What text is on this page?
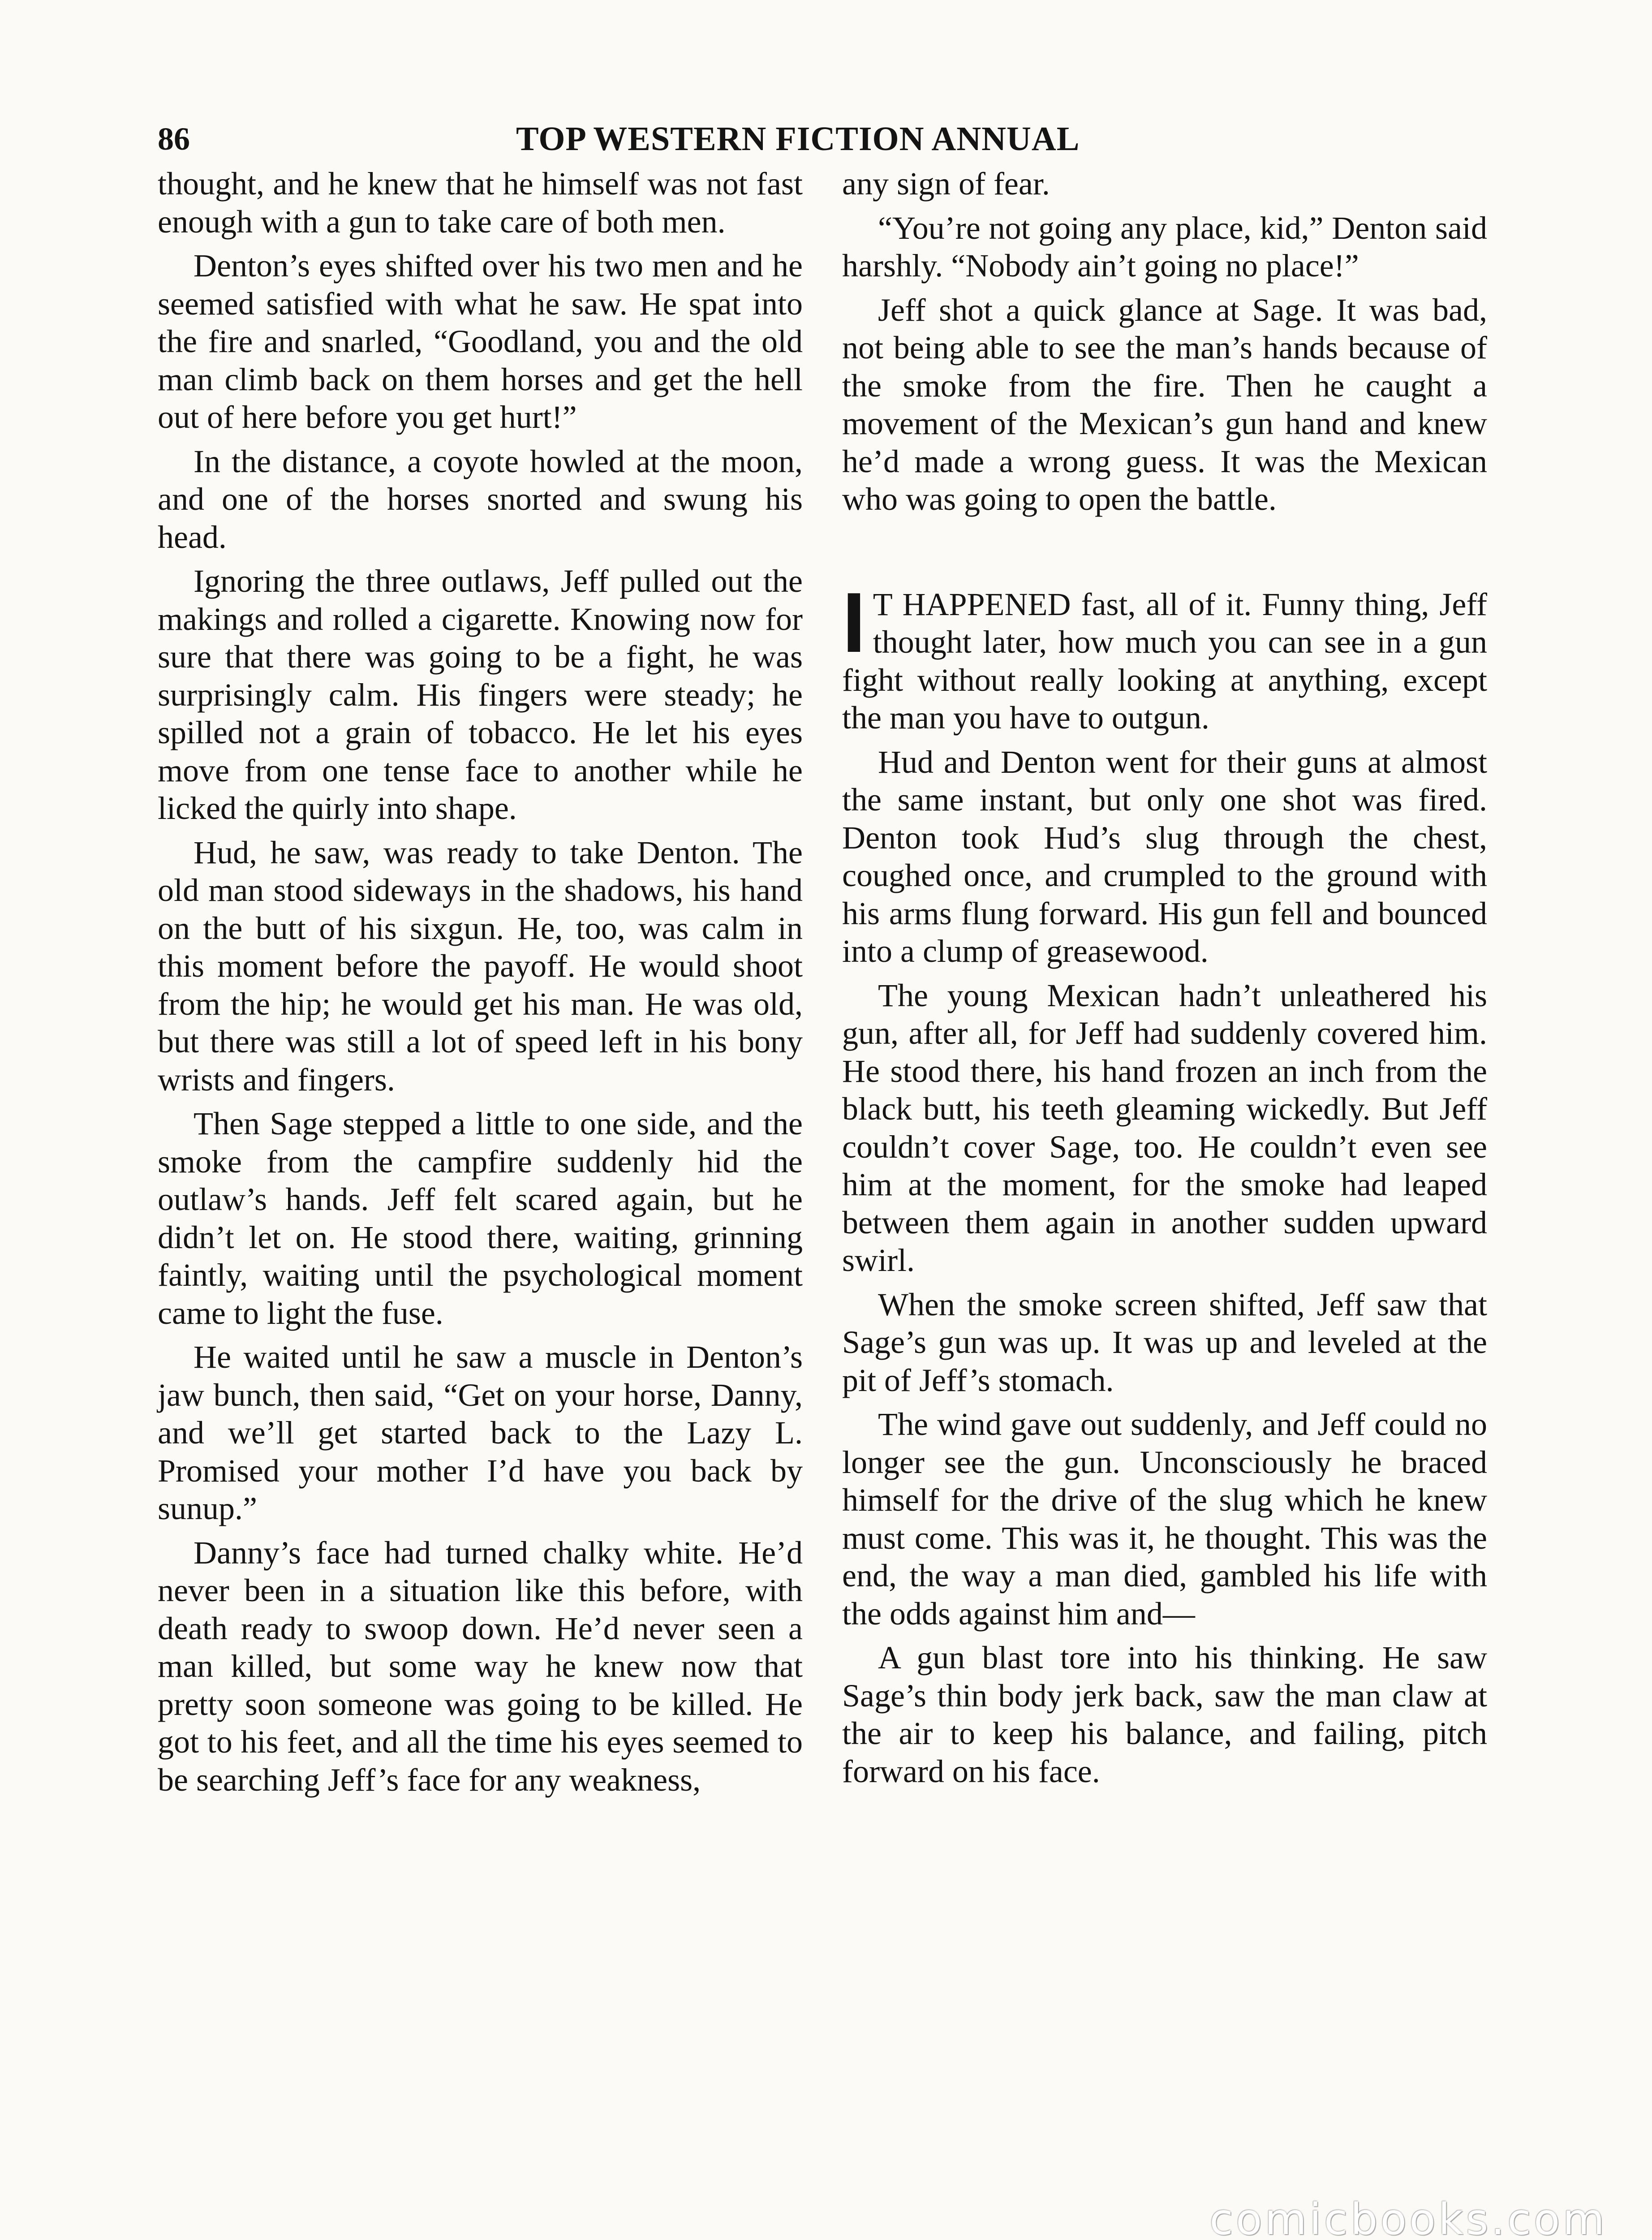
86	TOP WESTERN FICTION ANNUAL

thought, and he knew that he himself was not fast enough with a gun to take care of both men.

Denton’s eyes shifted over his two men and he seemed satisfied with what he saw. He spat into the fire and snarled, “Goodland, you and the old man climb back on them horses and get the hell out of here before you get hurt!”

In the distance, a coyote howled at the moon, and one of the horses snorted and swung his head.

Ignoring the three outlaws, Jeff pulled out the makings and rolled a cigarette. Knowing now for sure that there was going to be a fight, he was surprisingly calm. His fingers were steady; he spilled not a grain of tobacco. He let his eyes move from one tense face to another while he licked the quirly into shape.

Hud, he saw, was ready to take Denton. The old man stood sideways in the shadows, his hand on the butt of his sixgun. He, too, was calm in this moment before the payoff. He would shoot from the hip; he would get his man. He was old, but there was still a lot of speed left in his bony wrists and fingers.

Then Sage stepped a little to one side, and the smoke from the campfire suddenly hid the outlaw’s hands. Jeff felt scared again, but he didn’t let on. He stood there, waiting, grinning faintly, waiting until the psychological moment came to light the fuse.

He waited until he saw a muscle in Denton’s jaw bunch, then said, “Get on your horse, Danny, and we’ll get started back to the Lazy L. Promised your mother I’d have you back by sunup.”

Danny’s face had turned chalky white. He’d never been in a situation like this before, with death ready to swoop down. He’d never seen a man killed, but some way he knew now that pretty soon someone was going to be killed. He got to his feet, and all the time his eyes seemed to be searching Jeff’s face for any weakness,

any sign of fear.

“You’re not going any place, kid,” Denton said harshly. “Nobody ain’t going no place!”

Jeff shot a quick glance at Sage. It was bad, not being able to see the man’s hands because of the smoke from the fire. Then he caught a movement of the Mexican’s gun hand and knew he’d made a wrong guess. It was the Mexican who was going to open the battle.

I T HAPPENED fast, all of it. Funny thing, Jeff thought later, how much you can see in a gun fight without really looking at anything, except the man you have to outgun.

Hud and Denton went for their guns at almost the same instant, but only one shot was fired. Denton took Hud’s slug through the chest, coughed once, and crumpled to the ground with his arms flung forward. His gun fell and bounced into a clump of greasewood.

The young Mexican hadn’t unleathered his gun, after all, for Jeff had suddenly covered him. He stood there, his hand frozen an inch from the black butt, his teeth gleaming wickedly. But Jeff couldn’t cover Sage, too. He couldn’t even see him at the moment, for the smoke had leaped between them again in another sudden upward swirl.

When the smoke screen shifted, Jeff saw that Sage’s gun was up. It was up and leveled at the pit of Jeff’s stomach.

The wind gave out suddenly, and Jeff could no longer see the gun. Unconsciously he braced himself for the drive of the slug which he knew must come. This was it, he thought. This was the end, the way a man died, gambled his life with the odds against him and—

A gun blast tore into his thinking. He saw Sage’s thin body jerk back, saw the man claw at the air to keep his balance, and failing, pitch forward on his face.

comicbooks.com
